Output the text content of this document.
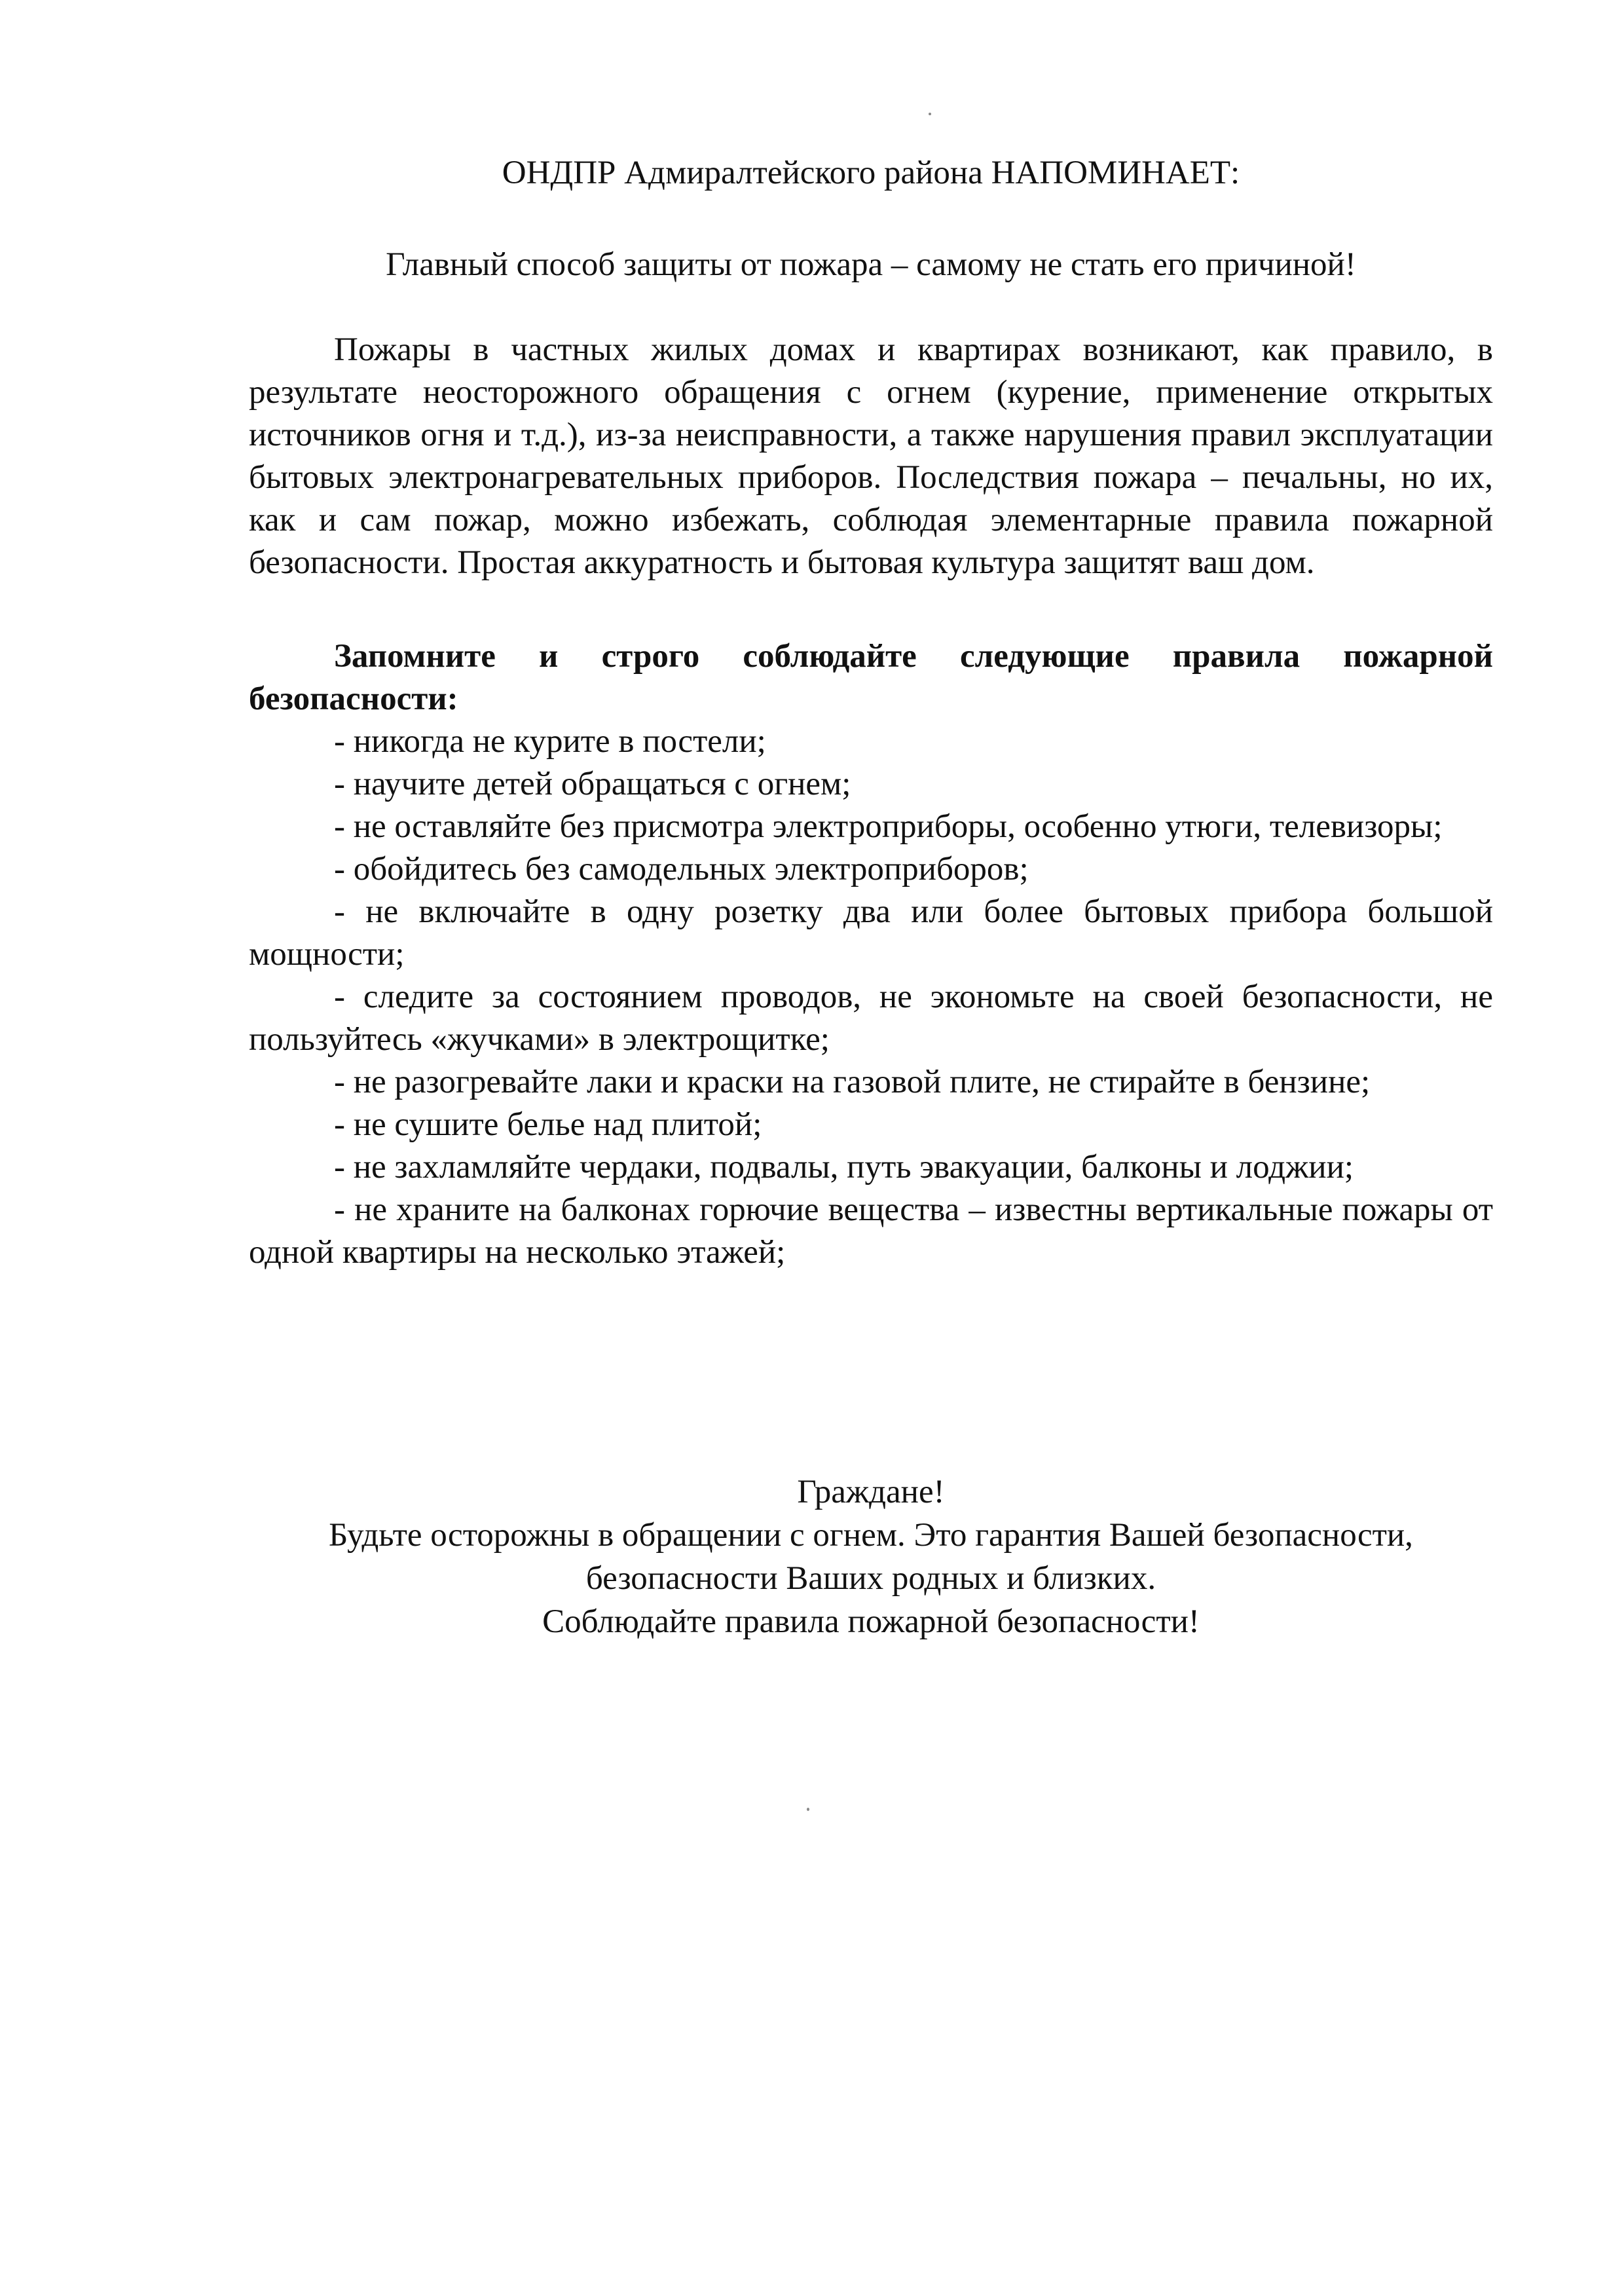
ОНДПР Адмиралтейского района НАПОМИНАЕТ:

Главный способ защиты от пожара – самому не стать его причиной!

Пожары в частных жилых домах и квартирах возникают, как правило, в результате неосторожного обращения с огнем (курение, применение открытых источников огня и т.д.), из-за неисправности, а также нарушения правил эксплуатации бытовых электронагревательных приборов. Последствия пожара – печальны, но их, как и сам пожар, можно избежать, соблюдая элементарные правила пожарной безопасности. Простая аккуратность и бытовая культура защитят ваш дом.

Запомните и строго соблюдайте следующие правила пожарной безопасности:

- никогда не курите в постели;
- научите детей обращаться с огнем;
- не оставляйте без присмотра электроприборы, особенно утюги, телевизоры;
- обойдитесь без самодельных электроприборов;
- не включайте в одну розетку два или более бытовых прибора большой мощности;
- следите за состоянием проводов, не экономьте на своей безопасности, не пользуйтесь «жучками» в электрощитке;
- не разогревайте лаки и краски на газовой плите, не стирайте в бензине;
- не сушите белье над плитой;
- не захламляйте чердаки, подвалы, путь эвакуации, балконы и лоджии;
- не храните на балконах горючие вещества – известны вертикальные пожары от одной квартиры на несколько этажей;

Граждане!

Будьте осторожны в обращении с огнем. Это гарантия Вашей безопасности,

безопасности Ваших родных и близких.

Соблюдайте правила пожарной безопасности!
